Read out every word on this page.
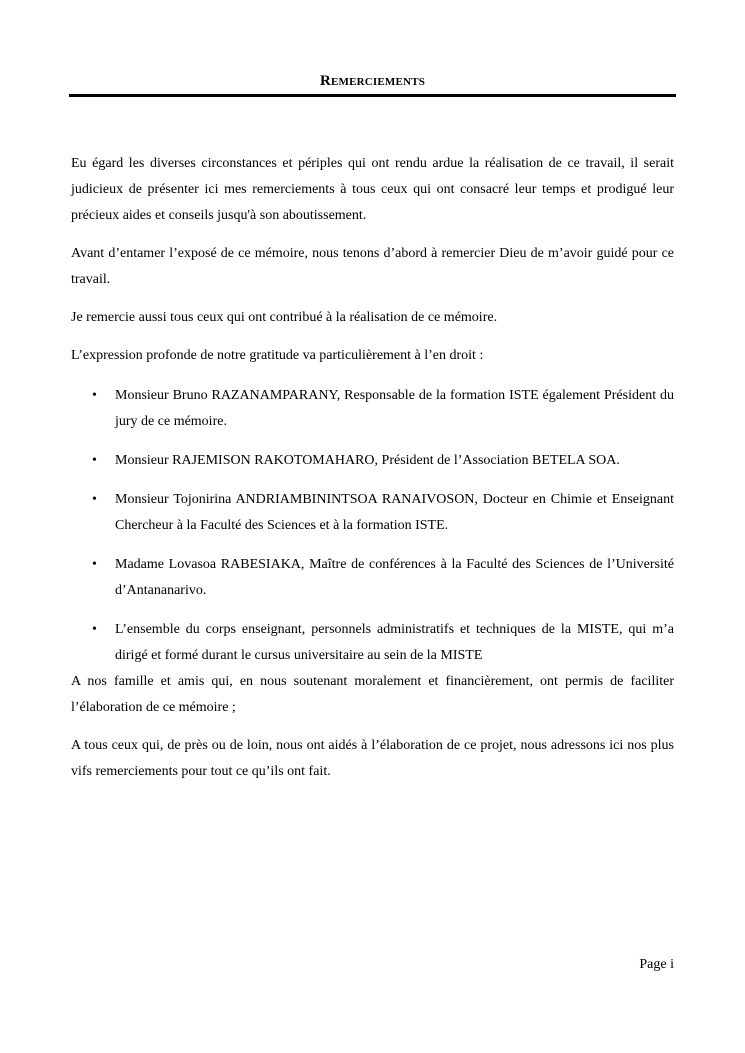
Remerciements

Eu égard les diverses circonstances et périples qui ont rendu ardue la réalisation de ce travail, il serait judicieux de présenter ici mes remerciements à tous ceux qui ont consacré leur temps et prodigué leur précieux aides et conseils jusqu'à son aboutissement.

Avant d’entamer l’exposé de ce mémoire, nous tenons d’abord à remercier Dieu de m’avoir guidé pour ce travail.

Je remercie aussi tous ceux qui ont contribué à la réalisation de ce mémoire.

L’expression profonde de notre gratitude va particulièrement à l’en droit :

• Monsieur Bruno RAZANAMPARANY, Responsable de la formation ISTE également Président du jury de ce mémoire.
• Monsieur RAJEMISON RAKOTOMAHARO, Président de l’Association BETELA SOA.
• Monsieur Tojonirina ANDRIAMBININTSOA RANAIVOSON, Docteur en Chimie et Enseignant Chercheur à la Faculté des Sciences et à la formation ISTE.
• Madame Lovasoa RABESIAKA, Maître de conférences à la Faculté des Sciences de l’Université d’Antananarivo.
• L’ensemble du corps enseignant, personnels administratifs et techniques de la MISTE, qui m’a dirigé et formé durant le cursus universitaire au sein de la MISTE

A nos famille et amis qui, en nous soutenant moralement et financièrement, ont permis de faciliter l’élaboration de ce mémoire ;

A tous ceux qui, de près ou de loin, nous ont aidés à l’élaboration de ce projet, nous adressons ici nos plus vifs remerciements pour tout ce qu’ils ont fait.

Page i
